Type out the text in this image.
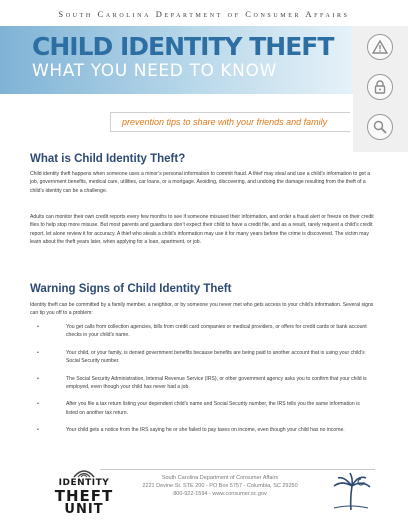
South Carolina Department of Consumer Affairs
CHILD IDENTITY THEFT
WHAT YOU NEED TO KNOW
prevention tips to share with your friends and family
What is Child Identity Theft?

Child identity theft happens when someone uses a minor’s personal information to commit fraud. A thief may steal and use a child’s information to get a job, government benefits, medical care, utilities, car loans, or a mortgage. Avoiding, discovering, and undoing the damage resulting from the theft of a child’s identity can be a challenge.

Adults can monitor their own credit reports every few months to see if someone misused their information, and order a fraud alert or freeze on their credit files to help stop more misuse. But most parents and guardians don’t expect their child to have a credit file, and as a result, rarely request a child’s credit report, let alone review it for accuracy. A thief who steals a child’s information may use it for many years before the crime is discovered. The victim may learn about the theft years later, when applying for a loan, apartment, or job.

Warning Signs of Child Identity Theft

Identity theft can be committed by a family member, a neighbor, or by someone you never met who gets access to your child’s information. Several signs can tip you off to a problem:

• You get calls from collection agencies, bills from credit card companies or medical providers, or offers for credit cards or bank account checks in your child’s name.
• Your child, or your family, is denied government benefits because benefits are being paid to another account that is using your child’s Social Security number.
• The Social Security Administration, Internal Revenue Service (IRS), or other government agency asks you to confirm that your child is employed, even though your child has never had a job.
• After you file a tax return listing your dependent child’s name and Social Security number, the IRS tells you the same information is listed on another tax return.
• Your child gets a notice from the IRS saying he or she failed to pay taxes on income, even though your child has no income.
IDENTITY
THEFT
UNIT
South Carolina Department of Consumer Affairs
2221 Devine St. STE 200 - PO Box 5757 - Columbia, SC 29250
800-922-1594 - www.consumer.sc.gov
